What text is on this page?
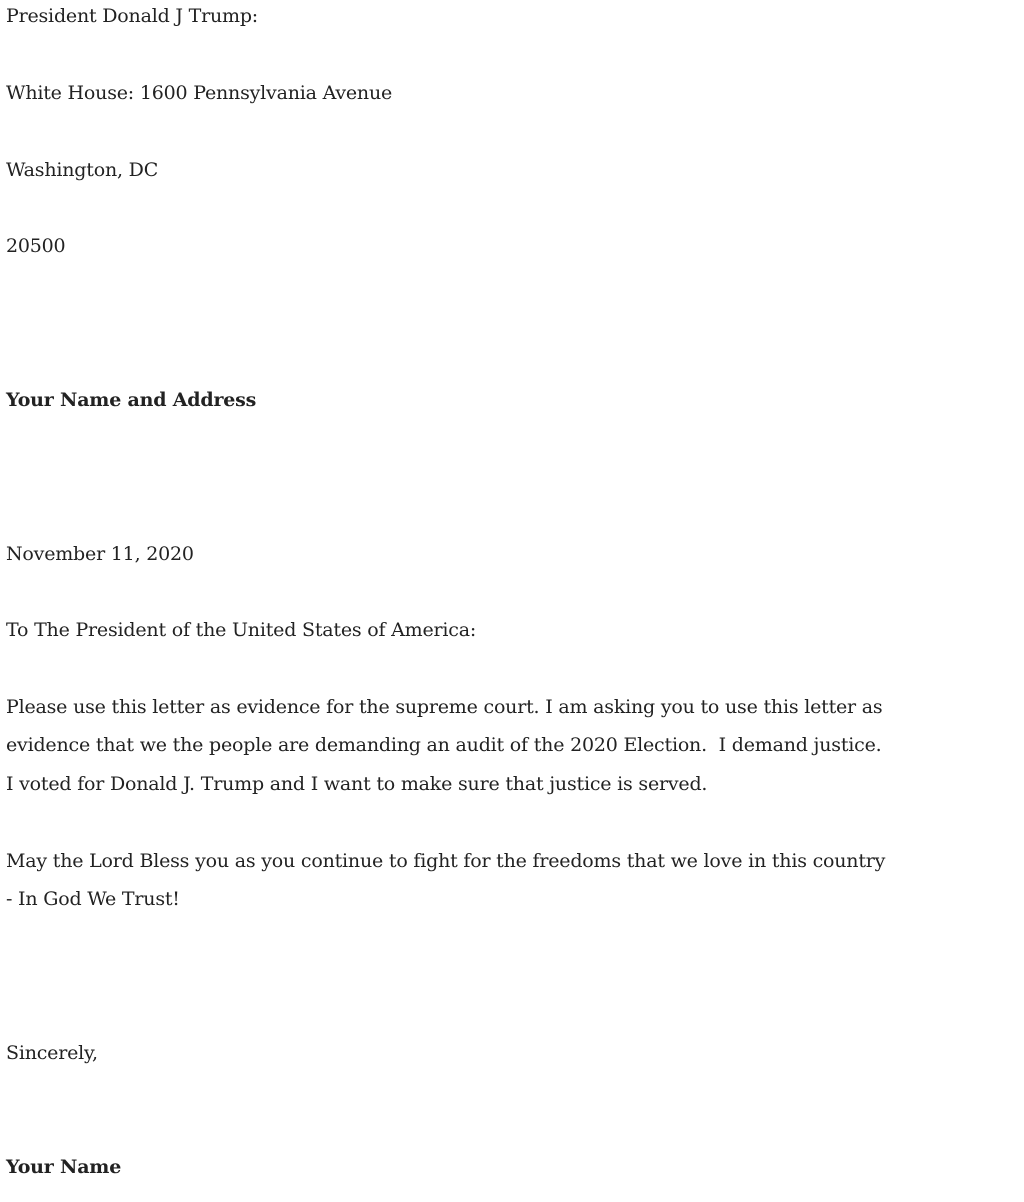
President Donald J Trump:
White House: 1600 Pennsylvania Avenue
Washington, DC
20500
Your Name and Address
November 11, 2020
To The President of the United States of America:
Please use this letter as evidence for the supreme court. I am asking you to use this letter as
evidence that we the people are demanding an audit of the 2020 Election.  I demand justice.
I voted for Donald J. Trump and I want to make sure that justice is served.
May the Lord Bless you as you continue to fight for the freedoms that we love in this country
- In God We Trust!
Sincerely,
Your Name
